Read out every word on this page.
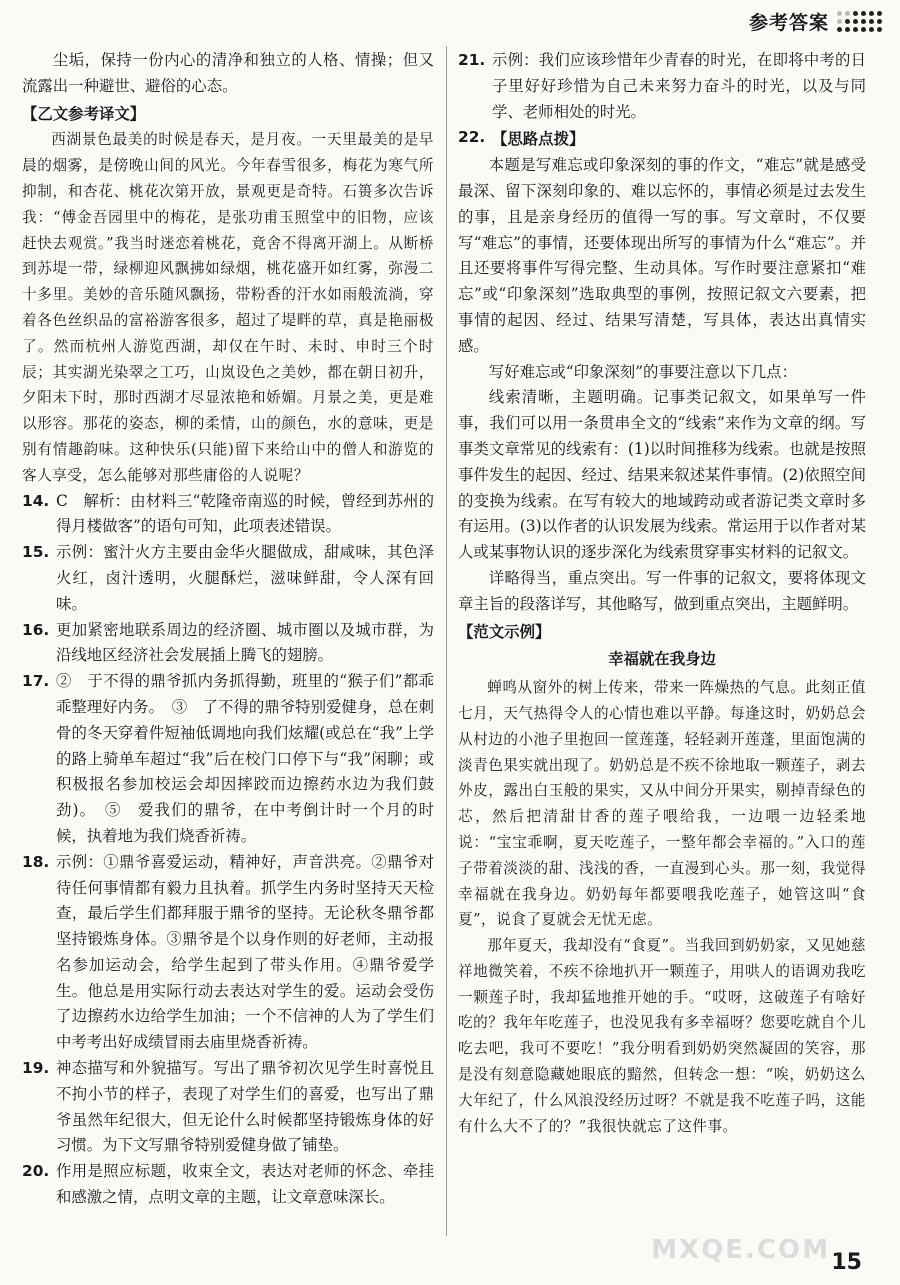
参考答案

尘垢，保持一份内心的清净和独立的人格、情操；但又流露出一种避世、避俗的心态。

【乙文参考译文】

西湖景色最美的时候是春天，是月夜。一天里最美的是早晨的烟雾，是傍晚山间的风光。今年春雪很多，梅花为寒气所抑制，和杏花、桃花次第开放，景观更是奇特。石篑多次告诉我：“傅金吾园里中的梅花，是张功甫玉照堂中的旧物，应该赶快去观赏。”我当时迷恋着桃花，竟舍不得离开湖上。从断桥到苏堤一带，绿柳迎风飘拂如绿烟，桃花盛开如红雾，弥漫二十多里。美妙的音乐随风飘扬，带粉香的汗水如雨般流淌，穿着各色丝织品的富裕游客很多，超过了堤畔的草，真是艳丽极了。然而杭州人游览西湖，却仅在午时、未时、申时三个时辰；其实湖光染翠之工巧，山岚设色之美妙，都在朝日初升，夕阳未下时，那时西湖才尽显浓艳和娇媚。月景之美，更是难以形容。那花的姿态，柳的柔情，山的颜色，水的意味，更是别有情趣韵味。这种快乐(只能)留下来给山中的僧人和游览的客人享受，怎么能够对那些庸俗的人说呢？

14. C　解析：由材料三“乾隆帝南巡的时候，曾经到苏州的得月楼做客”的语句可知，此项表述错误。
15. 示例：蜜汁火方主要由金华火腿做成，甜咸味，其色泽火红，卤汁透明，火腿酥烂，滋味鲜甜，令人深有回味。
16. 更加紧密地联系周边的经济圈、城市圈以及城市群，为沿线地区经济社会发展插上腾飞的翅膀。
17. ②　于不得的鼎爷抓内务抓得勤，班里的“猴子们”都乖乖整理好内务。　③　了不得的鼎爷特别爱健身，总在刺骨的冬天穿着件短袖低调地向我们炫耀(或总在“我”上学的路上骑单车超过“我”后在校门口停下与“我”闲聊；或积极报名参加校运会却因摔跤而边擦药水边为我们鼓劲)。　⑤　爱我们的鼎爷，在中考倒计时一个月的时候，执着地为我们烧香祈祷。
18. 示例：①鼎爷喜爱运动，精神好，声音洪亮。②鼎爷对待任何事情都有毅力且执着。抓学生内务时坚持天天检查，最后学生们都拜服于鼎爷的坚持。无论秋冬鼎爷都坚持锻炼身体。③鼎爷是个以身作则的好老师，主动报名参加运动会，给学生起到了带头作用。④鼎爷爱学生。他总是用实际行动去表达对学生的爱。运动会受伤了边擦药水边给学生加油；一个不信神的人为了学生们中考考出好成绩冒雨去庙里烧香祈祷。
19. 神态描写和外貌描写。写出了鼎爷初次见学生时喜悦且不拘小节的样子，表现了对学生们的喜爱，也写出了鼎爷虽然年纪很大，但无论什么时候都坚持锻炼身体的好习惯。为下文写鼎爷特别爱健身做了铺垫。
20. 作用是照应标题，收束全文，表达对老师的怀念、牵挂和感激之情，点明文章的主题，让文章意味深长。
21. 示例：我们应该珍惜年少青春的时光，在即将中考的日子里好好珍惜为自己未来努力奋斗的时光，以及与同学、老师相处的时光。
22. 【思路点拨】

本题是写难忘或印象深刻的事的作文，“难忘”就是感受最深、留下深刻印象的、难以忘怀的，事情必须是过去发生的事，且是亲身经历的值得一写的事。写文章时，不仅要写“难忘”的事情，还要体现出所写的事情为什么“难忘”。并且还要将事件写得完整、生动具体。写作时要注意紧扣“难忘”或“印象深刻”选取典型的事例，按照记叙文六要素，把事情的起因、经过、结果写清楚，写具体，表达出真情实感。

写好难忘或“印象深刻”的事要注意以下几点：

线索清晰，主题明确。记事类记叙文，如果单写一件事，我们可以用一条贯串全文的“线索”来作为文章的纲。写事类文章常见的线索有：(1)以时间推移为线索。也就是按照事件发生的起因、经过、结果来叙述某件事情。(2)依照空间的变换为线索。在写有较大的地域跨动或者游记类文章时多有运用。(3)以作者的认识发展为线索。常运用于以作者对某人或某事物认识的逐步深化为线索贯穿事实材料的记叙文。

详略得当，重点突出。写一件事的记叙文，要将体现文章主旨的段落详写，其他略写，做到重点突出，主题鲜明。

【范文示例】

幸福就在我身边

蝉鸣从窗外的树上传来，带来一阵燥热的气息。此刻正值七月，天气热得令人的心情也难以平静。每逢这时，奶奶总会从村边的小池子里抱回一筐莲蓬，轻轻剥开莲蓬，里面饱满的淡青色果实就出现了。奶奶总是不疾不徐地取一颗莲子，剥去外皮，露出白玉般的果实，又从中间分开果实，剔掉青绿色的芯，然后把清甜甘香的莲子喂给我，一边喂一边轻柔地说：“宝宝乖啊，夏天吃莲子，一整年都会幸福的。”入口的莲子带着淡淡的甜、浅浅的香，一直漫到心头。那一刻，我觉得幸福就在我身边。奶奶每年都要喂我吃莲子，她管这叫“食夏”，说食了夏就会无忧无虑。

那年夏天，我却没有“食夏”。当我回到奶奶家，又见她慈祥地微笑着，不疾不徐地扒开一颗莲子，用哄人的语调劝我吃一颗莲子时，我却猛地推开她的手。“哎呀，这破莲子有啥好吃的？我年年吃莲子，也没见我有多幸福呀？您要吃就自个儿吃去吧，我可不要吃！”我分明看到奶奶突然凝固的笑容，那是没有刻意隐藏她眼底的黯然，但转念一想：“唉，奶奶这么大年纪了，什么风浪没经历过呀？不就是我不吃莲子吗，这能有什么大不了的？”我很快就忘了这件事。

MXQE.COM 15
